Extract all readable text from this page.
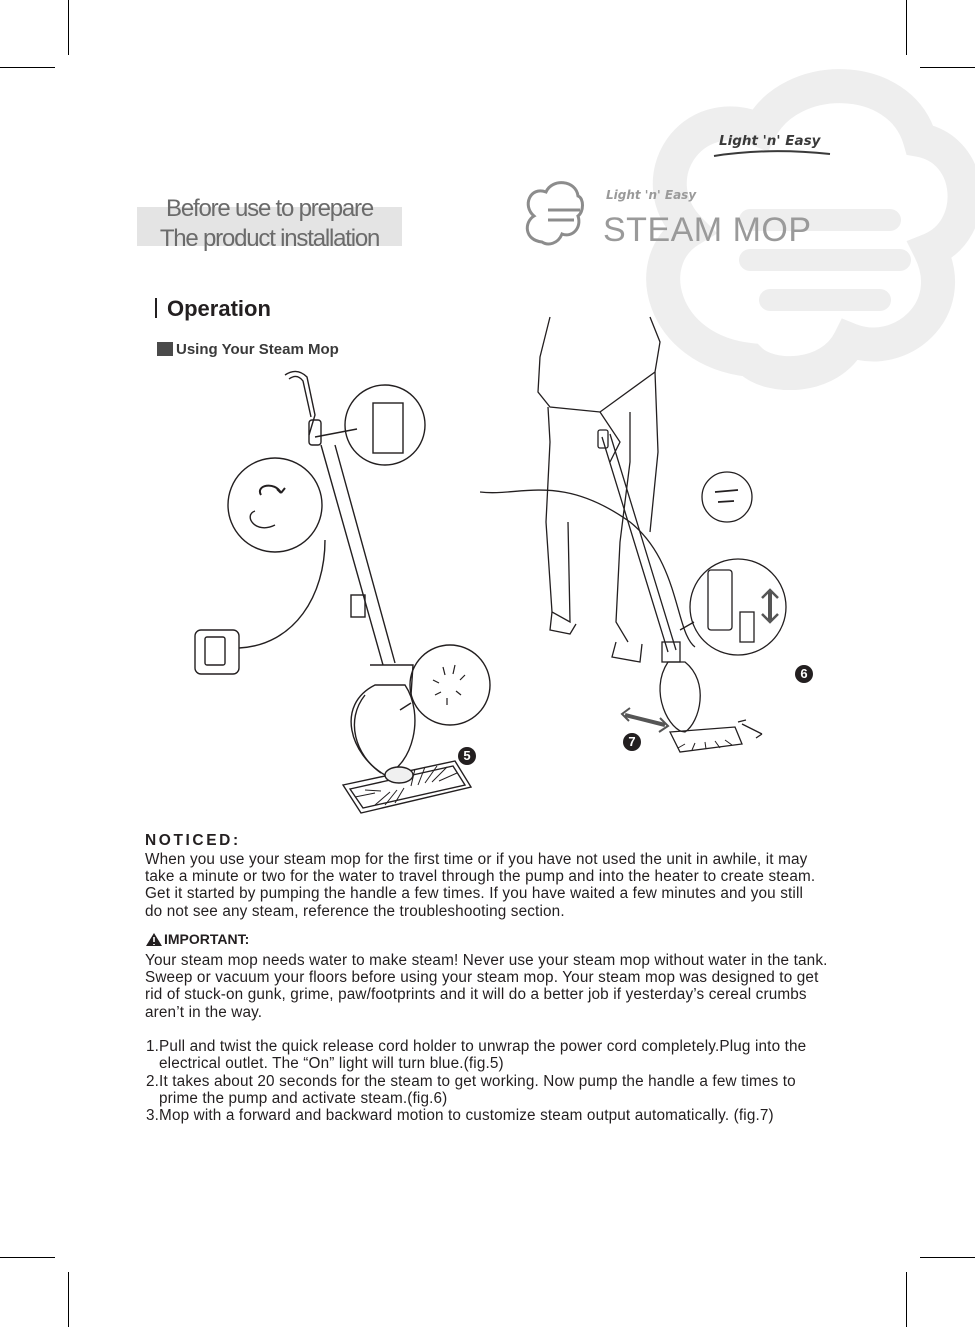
Light 'n' Easy
Before use to prepare
The product installation
Light 'n' Easy
STEAM MOP
Operation
Using Your Steam Mop
5
6
7
NOTICED:
When you use your steam mop for the first time or if you have not used the unit in awhile, it may
take a minute or two for the water to travel through the pump and into the heater to create steam.
Get it started by pumping the handle a few times. If you have waited a few minutes and you still
do not see any steam, reference the troubleshooting section.
IMPORTANT:
Your steam mop needs water to make steam! Never use your steam mop without water in the tank.
Sweep or vacuum your floors before using your steam mop. Your steam mop was designed to get
rid of stuck-on gunk, grime, paw/footprints and it will do a better job if yesterday’s cereal crumbs
aren’t in the way.
1.Pull and twist the quick release cord holder to unwrap the power cord completely.Plug into the
electrical outlet. The “On” light will turn blue.(fig.5)
2.It takes about 20 seconds for the steam to get working. Now pump the handle a few times to
prime the pump and activate steam.(fig.6)
3.Mop with a forward and backward motion to customize steam output automatically. (fig.7)
